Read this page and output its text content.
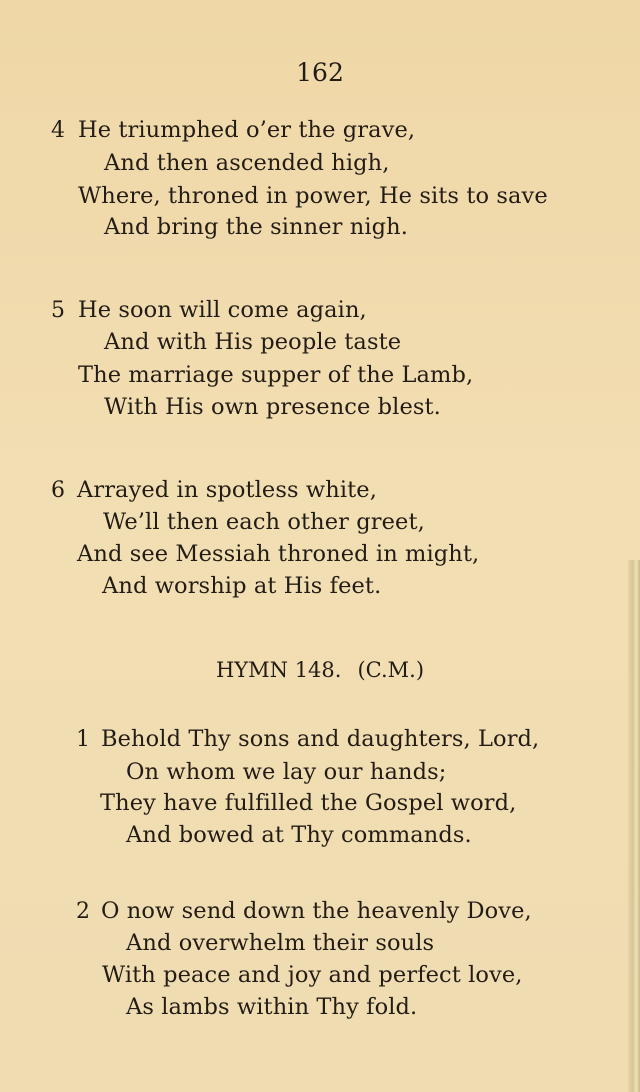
162
4 He triumphed o’er the grave,
And then ascended high,
Where, throned in power, He sits to save
And bring the sinner nigh.
5 He soon will come again,
And with His people taste
The marriage supper of the Lamb,
With His own presence blest.
6 Arrayed in spotless white,
We’ll then each other greet,
And see Messiah throned in might,
And worship at His feet.
HYMN 148. (C.M.)
1 Behold Thy sons and daughters, Lord,
On whom we lay our hands;
They have fulfilled the Gospel word,
And bowed at Thy commands.
2 O now send down the heavenly Dove,
And overwhelm their souls
With peace and joy and perfect love,
As lambs within Thy fold.
